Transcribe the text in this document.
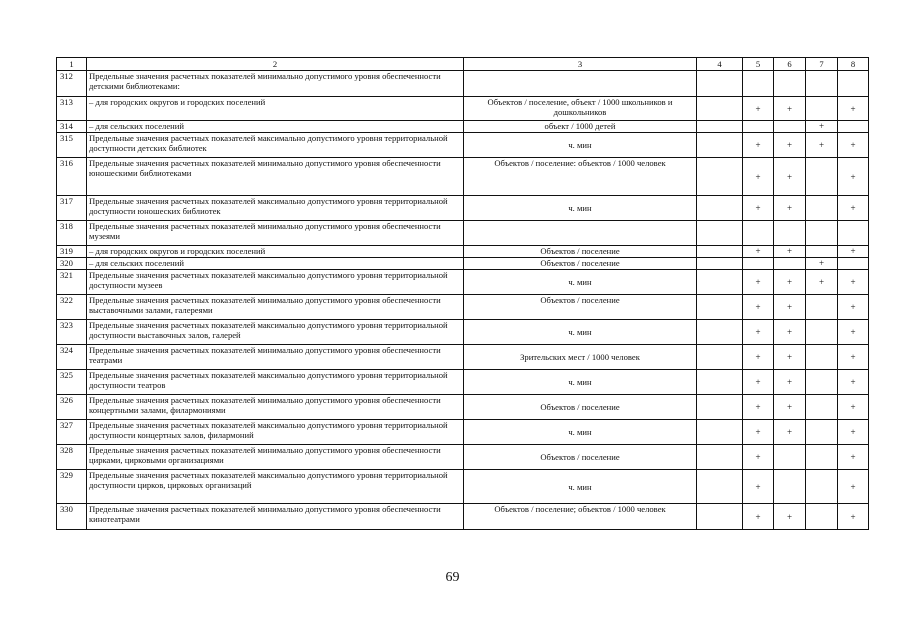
1	2	3	4	5	6	7	8
312	Предельные значения расчетных показателей минимально допустимого уровня обеспеченности детскими библиотеками:						
313	– для городских округов и городских поселений	Объектов / поселение, объект / 1000 школьников и дошкольников		+	+		+
314	– для сельских поселений	объект / 1000 детей				+	
315	Предельные значения расчетных показателей максимально допустимого уровня территориальной доступности детских библиотек	ч. мин		+	+	+	+
316	Предельные значения расчетных показателей минимально допустимого уровня обеспеченности юношескими библиотеками	Объектов / поселение: объектов / 1000 человек		+	+		+
317	Предельные значения расчетных показателей максимально допустимого уровня территориальной доступности юношеских библиотек	ч. мин		+	+		+
318	Предельные значения расчетных показателей минимально допустимого уровня обеспеченности музеями						
319	– для городских округов и городских поселений	Объектов / поселение		+	+		+
320	– для сельских поселений	Объектов / поселение				+	
321	Предельные значения расчетных показателей максимально допустимого уровня территориальной доступности музеев	ч. мин		+	+	+	+
322	Предельные значения расчетных показателей минимально допустимого уровня обеспеченности выставочными залами, галереями	Объектов / поселение		+	+		+
323	Предельные значения расчетных показателей максимально допустимого уровня территориальной доступности выставочных залов, галерей	ч. мин		+	+		+
324	Предельные значения расчетных показателей минимально допустимого уровня обеспеченности театрами	Зрительских мест / 1000 человек		+	+		+
325	Предельные значения расчетных показателей максимально допустимого уровня территориальной доступности театров	ч. мин		+	+		+
326	Предельные значения расчетных показателей минимально допустимого уровня обеспеченности концертными залами, филармониями	Объектов / поселение		+	+		+
327	Предельные значения расчетных показателей максимально допустимого уровня территориальной доступности концертных залов, филармоний	ч. мин		+	+		+
328	Предельные значения расчетных показателей минимально допустимого уровня обеспеченности цирками, цирковыми организациями	Объектов / поселение		+			+
329	Предельные значения расчетных показателей максимально допустимого уровня территориальной доступности цирков, цирковых организаций	ч. мин		+			+
330	Предельные значения расчетных показателей минимально допустимого уровня обеспеченности кинотеатрами	Объектов / поселение; объектов / 1000 человек		+	+		+
69
